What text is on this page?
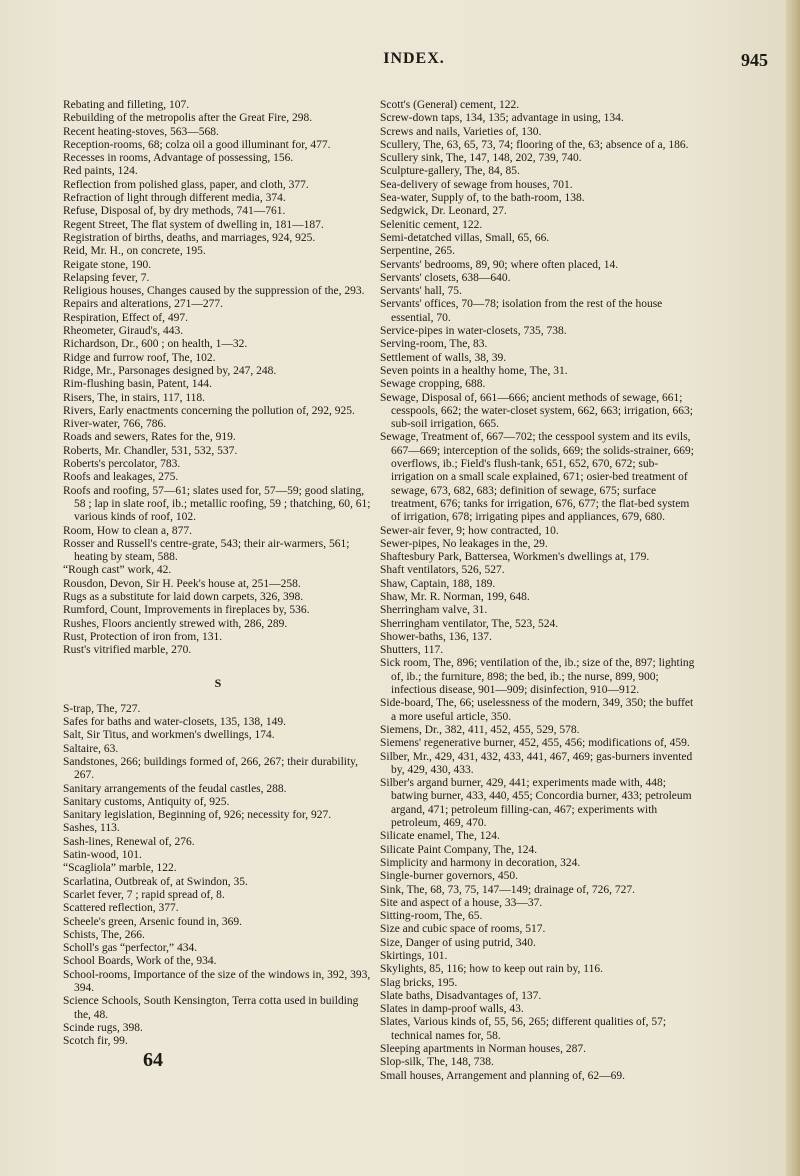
INDEX.	945
Rebating and filleting, 107.
Rebuilding of the metropolis after the Great Fire, 298.
Recent heating-stoves, 563—568.
Reception-rooms, 68; colza oil a good illuminant for, 477.
Recesses in rooms, Advantage of possessing, 156.
Red paints, 124.
Reflection from polished glass, paper, and cloth, 377.
Refraction of light through different media, 374.
Refuse, Disposal of, by dry methods, 741—761.
Regent Street, The flat system of dwelling in, 181—187.
Registration of births, deaths, and marriages, 924, 925.
Reid, Mr. H., on concrete, 195.
Reigate stone, 190.
Relapsing fever, 7.
Religious houses, Changes caused by the suppression of the, 293.
Repairs and alterations, 271—277.
Respiration, Effect of, 497.
Rheometer, Giraud's, 443.
Richardson, Dr., 600 ; on health, 1—32.
Ridge and furrow roof, The, 102.
Ridge, Mr., Parsonages designed by, 247, 248.
Rim-flushing basin, Patent, 144.
Risers, The, in stairs, 117, 118.
Rivers, Early enactments concerning the pollution of, 292, 925.
River-water, 766, 786.
Roads and sewers, Rates for the, 919.
Roberts, Mr. Chandler, 531, 532, 537.
Roberts's percolator, 783.
Roofs and leakages, 275.
Roofs and roofing, 57—61; slates used for, 57—59; good slating, 58 ; lap in slate roof, ib.; metallic roofing, 59 ; thatching, 60, 61; various kinds of roof, 102.
Room, How to clean a, 877.
Rosser and Russell's centre-grate, 543; their air-warmers, 561; heating by steam, 588.
“Rough cast” work, 42.
Rousdon, Devon, Sir H. Peek's house at, 251—258.
Rugs as a substitute for laid down carpets, 326, 398.
Rumford, Count, Improvements in fireplaces by, 536.
Rushes, Floors anciently strewed with, 286, 289.
Rust, Protection of iron from, 131.
Rust's vitrified marble, 270.
S
S-trap, The, 727.
Safes for baths and water-closets, 135, 138, 149.
Salt, Sir Titus, and workmen's dwellings, 174.
Saltaire, 63.
Sandstones, 266; buildings formed of, 266, 267; their durability, 267.
Sanitary arrangements of the feudal castles, 288.
Sanitary customs, Antiquity of, 925.
Sanitary legislation, Beginning of, 926; necessity for, 927.
Sashes, 113.
Sash-lines, Renewal of, 276.
Satin-wood, 101.
“Scagliola” marble, 122.
Scarlatina, Outbreak of, at Swindon, 35.
Scarlet fever, 7 ; rapid spread of, 8.
Scattered reflection, 377.
Scheele's green, Arsenic found in, 369.
Schists, The, 266.
Scholl's gas “perfector,” 434.
School Boards, Work of the, 934.
School-rooms, Importance of the size of the windows in, 392, 393, 394.
Science Schools, South Kensington, Terra cotta used in building the, 48.
Scinde rugs, 398.
Scotch fir, 99.
Scott's (General) cement, 122.
Screw-down taps, 134, 135; advantage in using, 134.
Screws and nails, Varieties of, 130.
Scullery, The, 63, 65, 73, 74; flooring of the, 63; absence of a, 186.
Scullery sink, The, 147, 148, 202, 739, 740.
Sculpture-gallery, The, 84, 85.
Sea-delivery of sewage from houses, 701.
Sea-water, Supply of, to the bath-room, 138.
Sedgwick, Dr. Leonard, 27.
Selenitic cement, 122.
Semi-detatched villas, Small, 65, 66.
Serpentine, 265.
Servants' bedrooms, 89, 90; where often placed, 14.
Servants' closets, 638—640.
Servants' hall, 75.
Servants' offices, 70—78; isolation from the rest of the house essential, 70.
Service-pipes in water-closets, 735, 738.
Serving-room, The, 83.
Settlement of walls, 38, 39.
Seven points in a healthy home, The, 31.
Sewage cropping, 688.
Sewage, Disposal of, 661—666; ancient methods of sewage, 661; cesspools, 662; the water-closet system, 662, 663; irrigation, 663; sub-soil irrigation, 665.
Sewage, Treatment of, 667—702; the cesspool system and its evils, 667—669; interception of the solids, 669; the solids-strainer, 669; overflows, ib.; Field's flush-tank, 651, 652, 670, 672; sub-irrigation on a small scale explained, 671; osier-bed treatment of sewage, 673, 682, 683; definition of sewage, 675; surface treatment, 676; tanks for irrigation, 676, 677; the flat-bed system of irrigation, 678; irrigating pipes and appliances, 679, 680.
Sewer-air fever, 9; how contracted, 10.
Sewer-pipes, No leakages in the, 29.
Shaftesbury Park, Battersea, Workmen's dwellings at, 179.
Shaft ventilators, 526, 527.
Shaw, Captain, 188, 189.
Shaw, Mr. R. Norman, 199, 648.
Sherringham valve, 31.
Sherringham ventilator, The, 523, 524.
Shower-baths, 136, 137.
Shutters, 117.
Sick room, The, 896; ventilation of the, ib.; size of the, 897; lighting of, ib.; the furniture, 898; the bed, ib.; the nurse, 899, 900; infectious disease, 901—909; disinfection, 910—912.
Side-board, The, 66; uselessness of the modern, 349, 350; the buffet a more useful article, 350.
Siemens, Dr., 382, 411, 452, 455, 529, 578.
Siemens' regenerative burner, 452, 455, 456; modifications of, 459.
Silber, Mr., 429, 431, 432, 433, 441, 467, 469; gas-burners invented by, 429, 430, 433.
Silber's argand burner, 429, 441; experiments made with, 448; batwing burner, 433, 440, 455; Concordia burner, 433; petroleum argand, 471; petroleum filling-can, 467; experiments with petroleum, 469, 470.
Silicate enamel, The, 124.
Silicate Paint Company, The, 124.
Simplicity and harmony in decoration, 324.
Single-burner governors, 450.
Sink, The, 68, 73, 75, 147—149; drainage of, 726, 727.
Site and aspect of a house, 33—37.
Sitting-room, The, 65.
Size and cubic space of rooms, 517.
Size, Danger of using putrid, 340.
Skirtings, 101.
Skylights, 85, 116; how to keep out rain by, 116.
Slag bricks, 195.
Slate baths, Disadvantages of, 137.
Slates in damp-proof walls, 43.
Slates, Various kinds of, 55, 56, 265; different qualities of, 57; technical names for, 58.
Sleeping apartments in Norman houses, 287.
Slop-silk, The, 148, 738.
Small houses, Arrangement and planning of, 62—69.
64
